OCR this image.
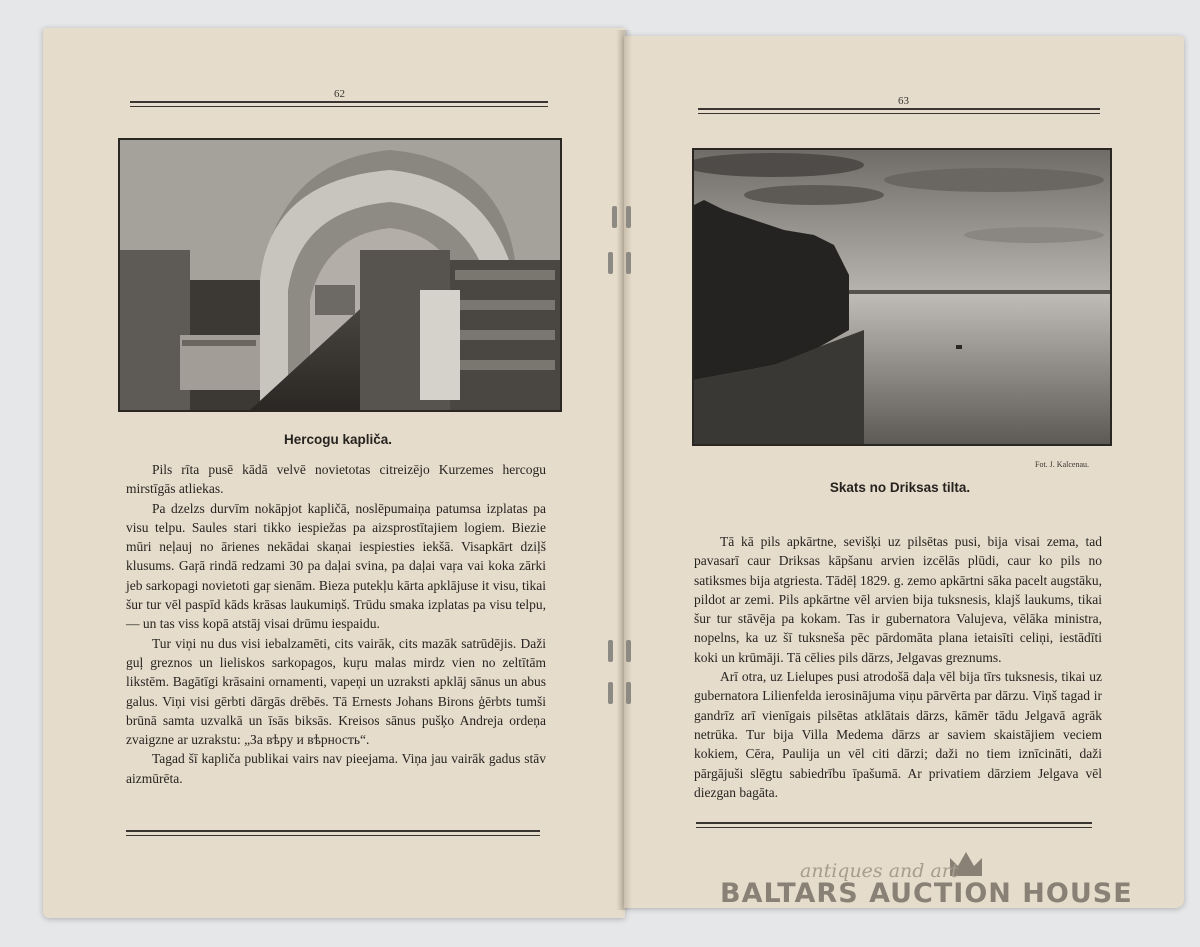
62
Hercogu kapliča.

Pils rīta pusē kādā velvē novietotas citreizējo Kurzemes hercogu mirstīgās atliekas.

Pa dzelzs durvīm nokāpjot kapličā, noslēpumaiņa patumsa izplatas pa visu telpu. Saules stari tikko iespiežas pa aizsprostītajiem logiem. Biezie mūri neļauj no ārienes nekādai skaņai iespiesties iekšā. Visapkārt dziļš klusums. Gaŗā rindā redzami 30 pa daļai svina, pa daļai vaŗa vai koka zārki jeb sarkopagi novietoti gaŗ sienām. Bieza putekļu kārta apklājuse it visu, tikai šur tur vēl paspīd kāds krāsas laukumiņš. Trūdu smaka izplatas pa visu telpu, — un tas viss kopā atstāj visai drūmu iespaidu.

Tur viņi nu dus visi iebalzamēti, cits vairāk, cits mazāk satrūdējis. Daži guļ greznos un lieliskos sarkopagos, kuŗu malas mirdz vien no zeltītām likstēm. Bagātīgi krāsaini ornamenti, vapeņi un uzraksti apklāj sānus un abus galus. Viņi visi gērbti dārgās drēbēs. Tā Ernests Johans Birons ģērbts tumši brūnā samta uzvalkā un īsās biksās. Kreisos sānus pušķo Andreja ordeņa zvaigzne ar uzrakstu: „За вѣру и вѣрность“.

Tagad šī kapliča publikai vairs nav pieejama. Viņa jau vairāk gadus stāv aizmūrēta.

63
Fot. J. Kalcenau.
Skats no Driksas tilta.

Tā kā pils apkārtne, sevišķi uz pilsētas pusi, bija visai zema, tad pavasarī caur Driksas kāpšanu arvien izcēlās plūdi, caur ko pils no satiksmes bija atgriesta. Tādēļ 1829. g. zemo apkārtni sāka pacelt augstāku, pildot ar zemi. Pils apkārtne vēl arvien bija tuksnesis, klajš laukums, tikai šur tur stāvēja pa kokam. Tas ir gubernatora Valujeva, vēlāka ministra, nopelns, ka uz šī tuksneša pēc pārdomāta plana ietaisīti celiņi, iestādīti koki un krūmāji. Tā cēlies pils dārzs, Jelgavas greznums.

Arī otra, uz Lielupes pusi atrodošā daļa vēl bija tīrs tuksnesis, tikai uz gubernatora Lilienfelda ierosinājuma viņu pārvērta par dārzu. Viņš tagad ir gandrīz arī vienīgais pilsētas atklātais dārzs, kāmēr tādu Jelgavā agrāk netrūka. Tur bija Villa Medema dārzs ar saviem skaistājiem veciem kokiem, Cēra, Paulija un vēl citi dārzi; daži no tiem iznīcināti, daži pārgājuši slēgtu sabiedrību īpašumā. Ar privatiem dārziem Jelgava vēl diezgan bagāta.

antiques and art
BALTARS AUCTION HOUSE
